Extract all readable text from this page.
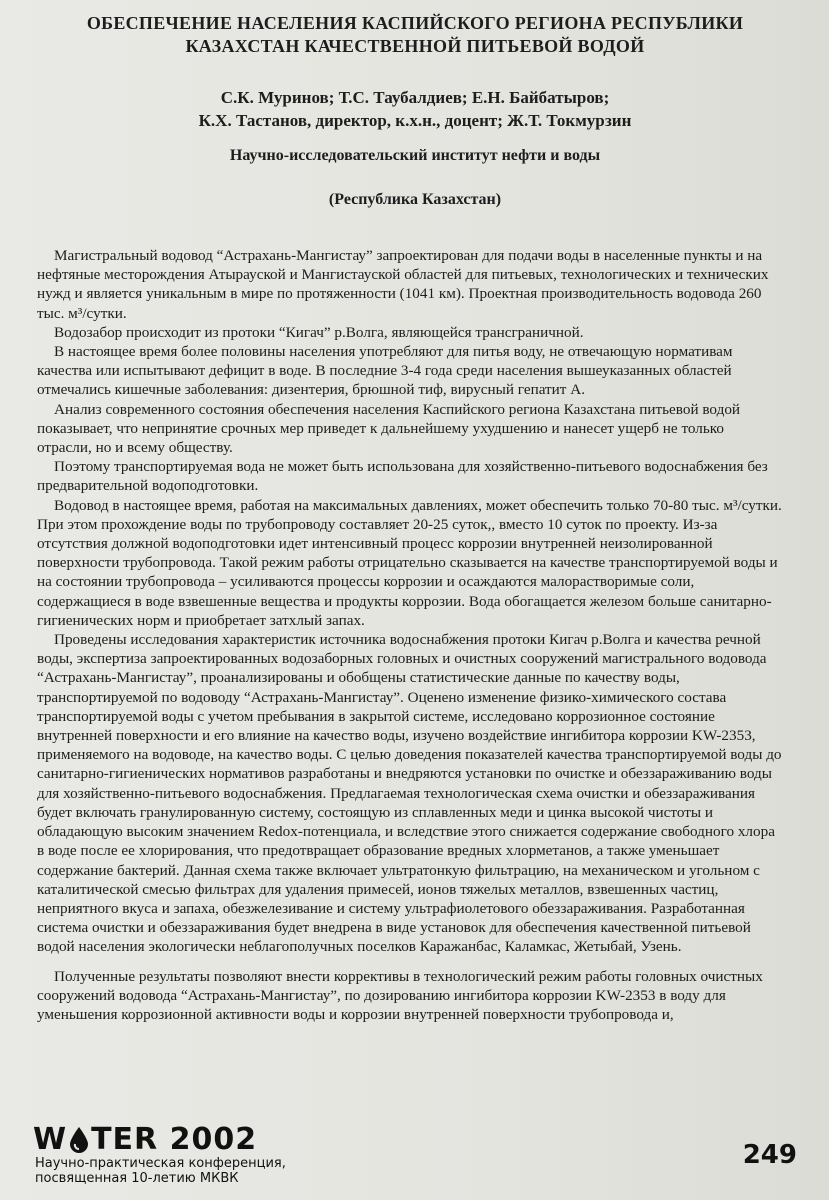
ОБЕСПЕЧЕНИЕ НАСЕЛЕНИЯ КАСПИЙСКОГО РЕГИОНА РЕСПУБЛИКИ
КАЗАХСТАН КАЧЕСТВЕННОЙ ПИТЬЕВОЙ ВОДОЙ
С.К. Муринов; Т.С. Таубалдиев; Е.Н. Байбатыров;
К.Х. Тастанов, директор, к.х.н., доцент; Ж.Т. Токмурзин
Научно-исследовательский институт нефти и воды
(Республика Казахстан)

Магистральный водовод “Астрахань-Мангистау” запроектирован для подачи воды в населенные пункты и на нефтяные месторождения Атырауской и Мангистауской областей для питьевых, технологических и технических нужд и является уникальным в мире по протяженности (1041 км). Проектная производительность водовода 260 тыс. м³/сутки.

Водозабор происходит из протоки “Кигач” р.Волга, являющейся трансграничной.

В настоящее время более половины населения употребляют для питья воду, не отвечающую нормативам качества или испытывают дефицит в воде. В последние 3-4 года среди населения вышеуказанных областей отмечались кишечные заболевания: дизентерия, брюшной тиф, вирусный гепатит А.

Анализ современного состояния обеспечения населения Каспийского региона Казахстана питьевой водой показывает, что непринятие срочных мер приведет к дальнейшему ухудшению и нанесет ущерб не только отрасли, но и всему обществу.

Поэтому транспортируемая вода не может быть использована для хозяйственно-питьевого водоснабжения без предварительной водоподготовки.

Водовод в настоящее время, работая на максимальных давлениях, может обеспечить только 70-80 тыс. м³/сутки. При этом прохождение воды по трубопроводу составляет 20-25 суток,, вместо 10 суток по проекту. Из-за отсутствия должной водоподготовки идет интенсивный процесс коррозии внутренней неизолированной поверхности трубопровода. Такой режим работы отрицательно сказывается на качестве транспортируемой воды и на состоянии трубопровода – усиливаются процессы коррозии и осаждаются малорастворимые соли, содержащиеся в воде взвешенные вещества и продукты коррозии. Вода обогащается железом больше санитарно-гигиенических норм и приобретает затхлый запах.

Проведены исследования характеристик источника водоснабжения протоки Кигач р.Волга и качества речной воды, экспертиза запроектированных водозаборных головных и очистных сооружений магистрального водовода “Астрахань-Мангистау”, проанализированы и обобщены статистические данные по качеству воды, транспортируемой по водоводу “Астрахань-Мангистау”. Оценено изменение физико-химического состава транспортируемой воды с учетом пребывания в закрытой системе, исследовано коррозионное состояние внутренней поверхности и его влияние на качество воды, изучено воздействие ингибитора коррозии KW-2353, применяемого на водоводе, на качество воды. С целью доведения показателей качества транспортируемой воды до санитарно-гигиенических нормативов разработаны и внедряются установки по очистке и обеззараживанию воды для хозяйственно-питьевого водоснабжения. Предлагаемая технологическая схема очистки и обеззараживания будет включать гранулированную систему, состоящую из сплавленных меди и цинка высокой чистоты и обладающую высоким значением Redox-потенциала, и вследствие этого снижается содержание свободного хлора в воде после ее хлорирования, что предотвращает образование вредных хлорметанов, а также уменьшает содержание бактерий. Данная схема также включает ультратонкую фильтрацию, на механическом и угольном с каталитической смесью фильтрах для удаления примесей, ионов тяжелых металлов, взвешенных частиц, неприятного вкуса и запаха, обезжелезивание и систему ультрафиолетового обеззараживания. Разработанная система очистки и обеззараживания будет внедрена в виде установок для обеспечения качественной питьевой водой населения экологически неблагополучных поселков Каражанбас, Каламкас, Жетыбай, Узень.

Полученные результаты позволяют внести коррективы в технологический режим работы головных очистных сооружений водовода “Астрахань-Мангистау”, по дозированию ингибитора коррозии KW-2353 в воду для уменьшения коррозионной активности воды и коррозии внутренней поверхности трубопровода и,

W TER 2002
Научно-практическая конференция,
посвященная 10-летию МКВК
249
